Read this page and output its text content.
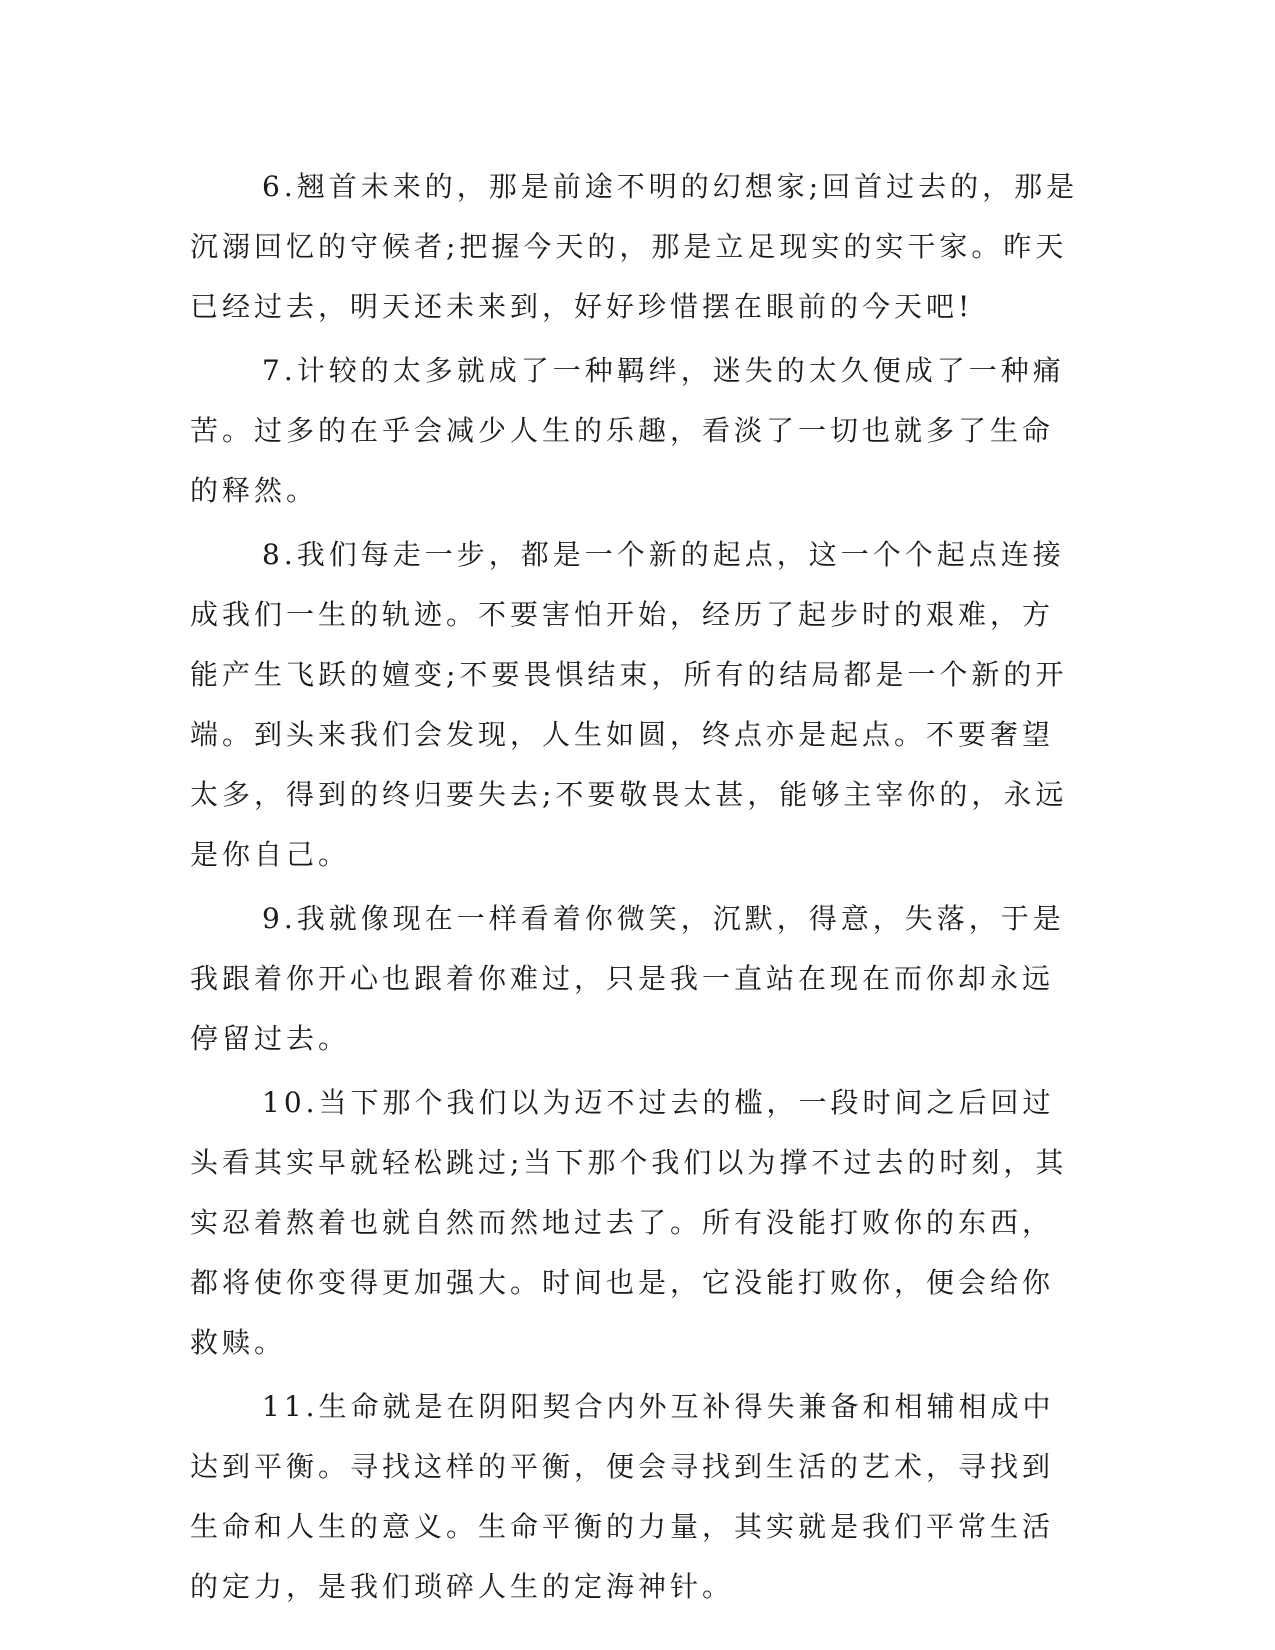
6.翘首未来的，那是前途不明的幻想家;回首过去的，那是沉溺回忆的守候者;把握今天的，那是立足现实的实干家。昨天已经过去，明天还未来到，好好珍惜摆在眼前的今天吧!

7.计较的太多就成了一种羁绊，迷失的太久便成了一种痛苦。过多的在乎会减少人生的乐趣，看淡了一切也就多了生命的释然。

8.我们每走一步，都是一个新的起点，这一个个起点连接成我们一生的轨迹。不要害怕开始，经历了起步时的艰难，方能产生飞跃的嬗变;不要畏惧结束，所有的结局都是一个新的开端。到头来我们会发现，人生如圆，终点亦是起点。不要奢望太多，得到的终归要失去;不要敬畏太甚，能够主宰你的，永远是你自己。

9.我就像现在一样看着你微笑，沉默，得意，失落，于是我跟着你开心也跟着你难过，只是我一直站在现在而你却永远停留过去。

10.当下那个我们以为迈不过去的槛，一段时间之后回过头看其实早就轻松跳过;当下那个我们以为撑不过去的时刻，其实忍着熬着也就自然而然地过去了。所有没能打败你的东西，都将使你变得更加强大。时间也是，它没能打败你，便会给你救赎。

11.生命就是在阴阳契合内外互补得失兼备和相辅相成中达到平衡。寻找这样的平衡，便会寻找到生活的艺术，寻找到生命和人生的意义。生命平衡的力量，其实就是我们平常生活的定力，是我们琐碎人生的定海神针。
